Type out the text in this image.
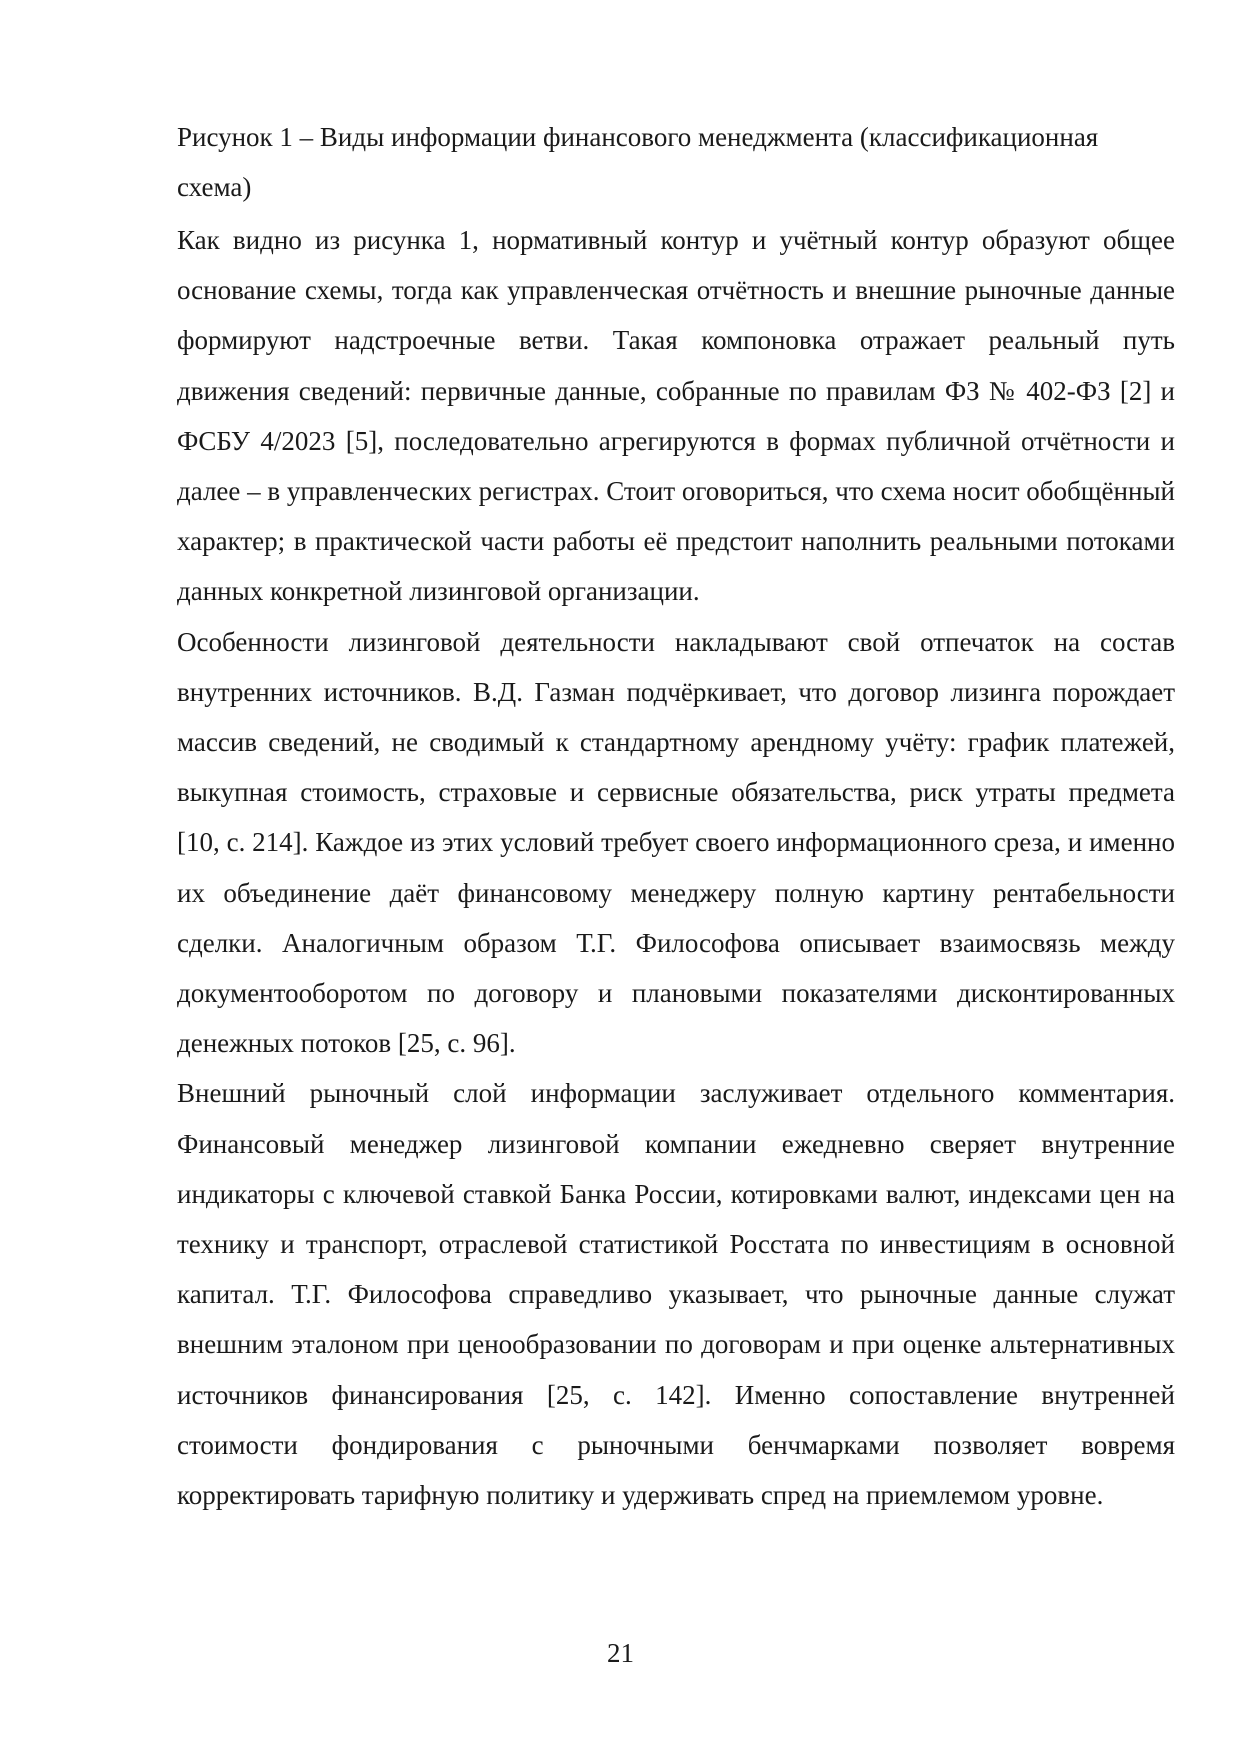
Рисунок 1 – Виды информации финансового менеджмента (классификационная схема)

Как видно из рисунка 1, нормативный контур и учётный контур образуют общее основание схемы, тогда как управленческая отчётность и внешние рыночные данные формируют надстроечные ветви. Такая компоновка отражает реальный путь движения сведений: первичные данные, собранные по правилам ФЗ № 402-ФЗ [2] и ФСБУ 4/2023 [5], последовательно агрегируются в формах публичной отчётности и далее – в управленческих регистрах. Стоит оговориться, что схема носит обобщённый характер; в практической части работы её предстоит наполнить реальными потоками данных конкретной лизинговой организации.

Особенности лизинговой деятельности накладывают свой отпечаток на состав внутренних источников. В.Д. Газман подчёркивает, что договор лизинга порождает массив сведений, не сводимый к стандартному арендному учёту: график платежей, выкупная стоимость, страховые и сервисные обязательства, риск утраты предмета [10, с. 214]. Каждое из этих условий требует своего информационного среза, и именно их объединение даёт финансовому менеджеру полную картину рентабельности сделки. Аналогичным образом Т.Г. Философова описывает взаимосвязь между документооборотом по договору и плановыми показателями дисконтированных денежных потоков [25, с. 96].

Внешний рыночный слой информации заслуживает отдельного комментария. Финансовый менеджер лизинговой компании ежедневно сверяет внутренние индикаторы с ключевой ставкой Банка России, котировками валют, индексами цен на технику и транспорт, отраслевой статистикой Росстата по инвестициям в основной капитал. Т.Г. Философова справедливо указывает, что рыночные данные служат внешним эталоном при ценообразовании по договорам и при оценке альтернативных источников финансирования [25, с. 142]. Именно сопоставление внутренней стоимости фондирования с рыночными бенчмарками позволяет вовремя корректировать тарифную политику и удерживать спред на приемлемом уровне.

21
